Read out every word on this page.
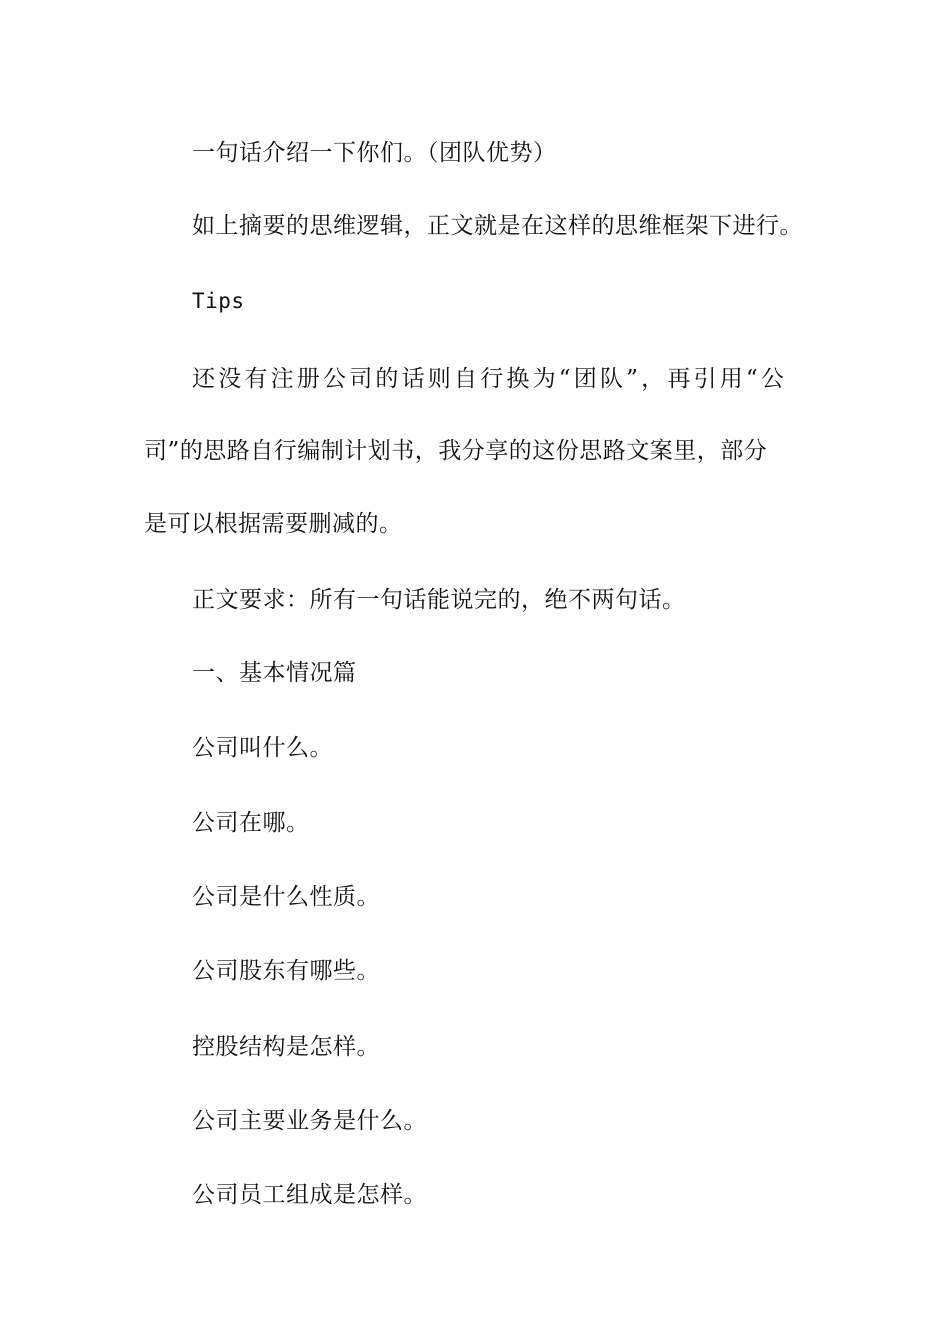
一句话介绍一下你们。（团队优势）
如上摘要的思维逻辑，正文就是在这样的思维框架下进行。
Tips
还没有注册公司的话则自行换为“团队”，再引用“公
司”的思路自行编制计划书，我分享的这份思路文案里，部分
是可以根据需要删减的。
正文要求：所有一句话能说完的，绝不两句话。
一、基本情况篇
公司叫什么。
公司在哪。
公司是什么性质。
公司股东有哪些。
控股结构是怎样。
公司主要业务是什么。
公司员工组成是怎样。
